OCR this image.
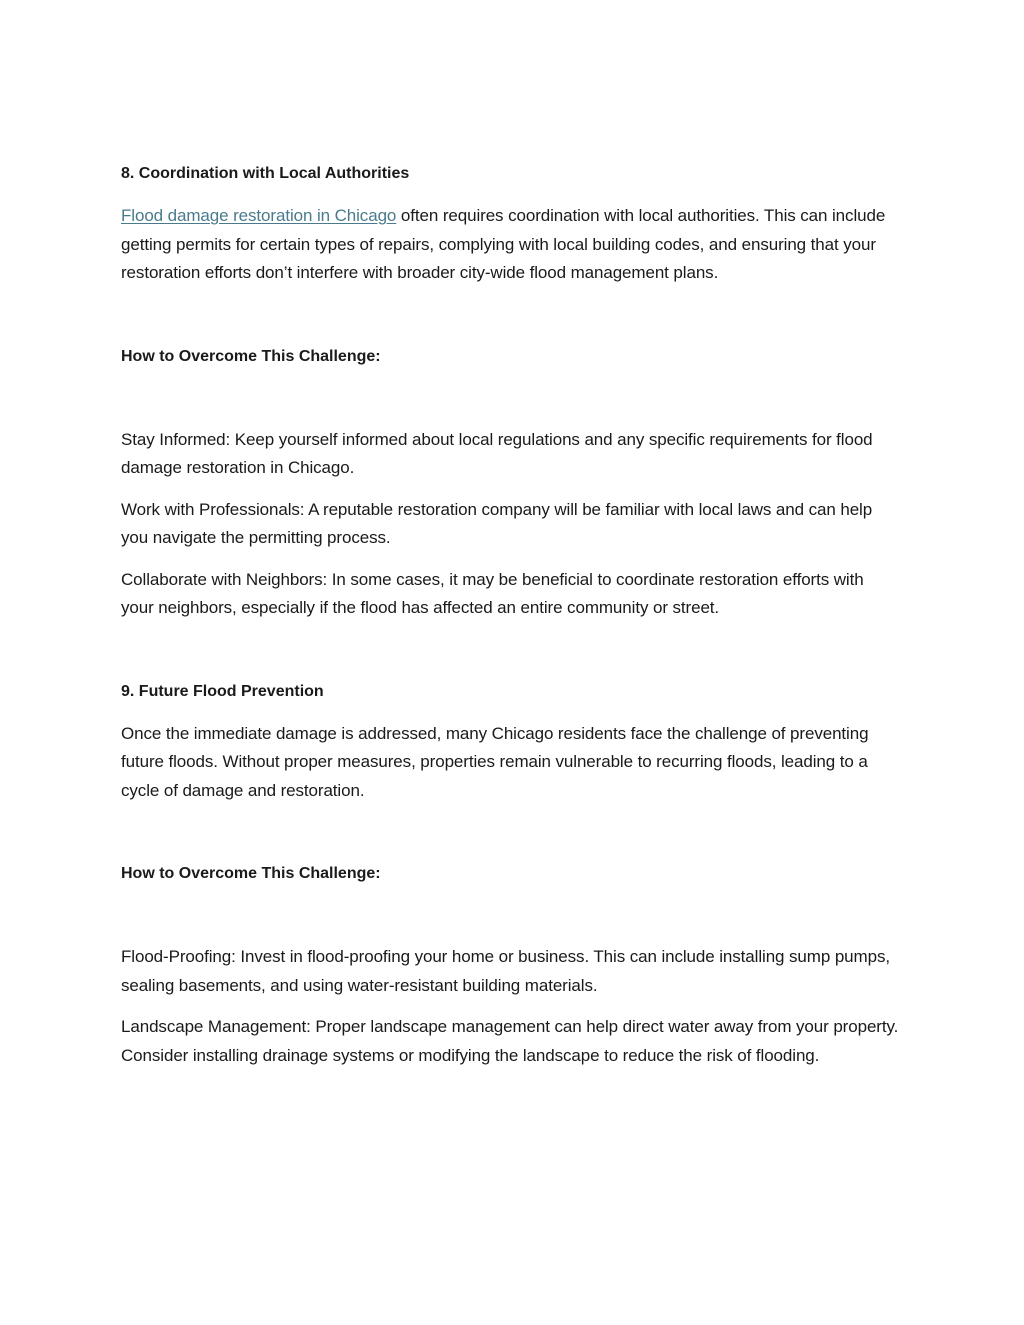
8. Coordination with Local Authorities

Flood damage restoration in Chicago often requires coordination with local authorities. This can include getting permits for certain types of repairs, complying with local building codes, and ensuring that your restoration efforts don’t interfere with broader city-wide flood management plans.

How to Overcome This Challenge:

Stay Informed: Keep yourself informed about local regulations and any specific requirements for flood damage restoration in Chicago.

Work with Professionals: A reputable restoration company will be familiar with local laws and can help you navigate the permitting process.

Collaborate with Neighbors: In some cases, it may be beneficial to coordinate restoration efforts with your neighbors, especially if the flood has affected an entire community or street.

9. Future Flood Prevention

Once the immediate damage is addressed, many Chicago residents face the challenge of preventing future floods. Without proper measures, properties remain vulnerable to recurring floods, leading to a cycle of damage and restoration.

How to Overcome This Challenge:

Flood-Proofing: Invest in flood-proofing your home or business. This can include installing sump pumps, sealing basements, and using water-resistant building materials.

Landscape Management: Proper landscape management can help direct water away from your property. Consider installing drainage systems or modifying the landscape to reduce the risk of flooding.
